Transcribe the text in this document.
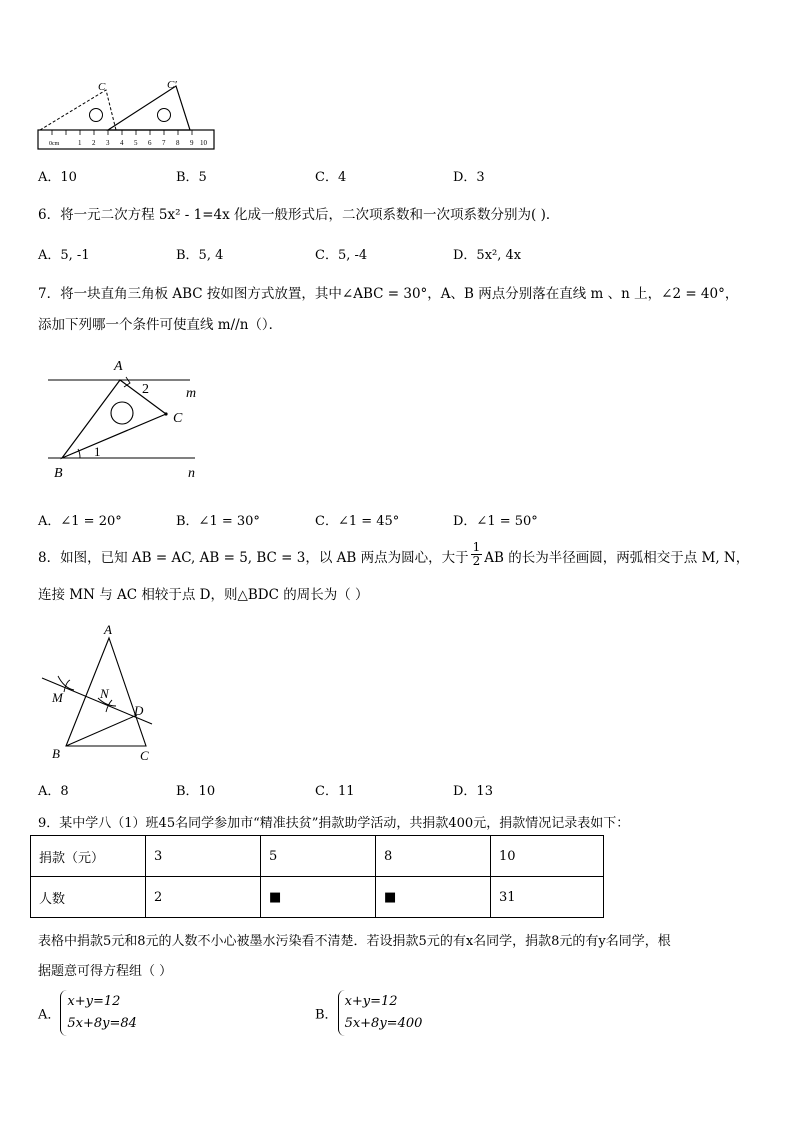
0cm	1 2 3 4 5 6 7 8 9 10
C	C′
A．10	B．5	C．4	D．3
6．将一元二次方程 5x² - 1=4x 化成一般形式后，二次项系数和一次项系数分别为( )．
A．5, -1	B．5, 4	C．5, -4	D．5x², 4x
7．将一块直角三角板 ABC 按如图方式放置，其中∠ABC = 30°，A、B 两点分别落在直线 m 、n 上，∠2 = 40°，
添加下列哪一个条件可使直线 m//n（）．
A
2	m
C
1
B	n
A．∠1 = 20°	B．∠1 = 30°	C．∠1 = 45°	D．∠1 = 50°
8．如图，已知 AB = AC, AB = 5, BC = 3，以 AB 两点为圆心，大于 $\frac{1}{2}$ AB 的长为半径画圆，两弧相交于点 M, N，
连接 MN 与 AC 相较于点 D，则△BDC 的周长为（ ）
A
M	N
D
B	C
A．8	B．10	C．11	D．13
9．某中学八（1）班45名同学参加市“精准扶贫”捐款助学活动，共捐款400元，捐款情况记录表如下：
捐款（元）	3	5	8	10
人数	2	■	■	31
表格中捐款5元和8元的人数不小心被墨水污染看不清楚．若设捐款5元的有x名同学，捐款8元的有y名同学，根
据题意可得方程组（ ）
A．
x+y=12
5x+8y=84
B．
x+y=12
5x+8y=400
